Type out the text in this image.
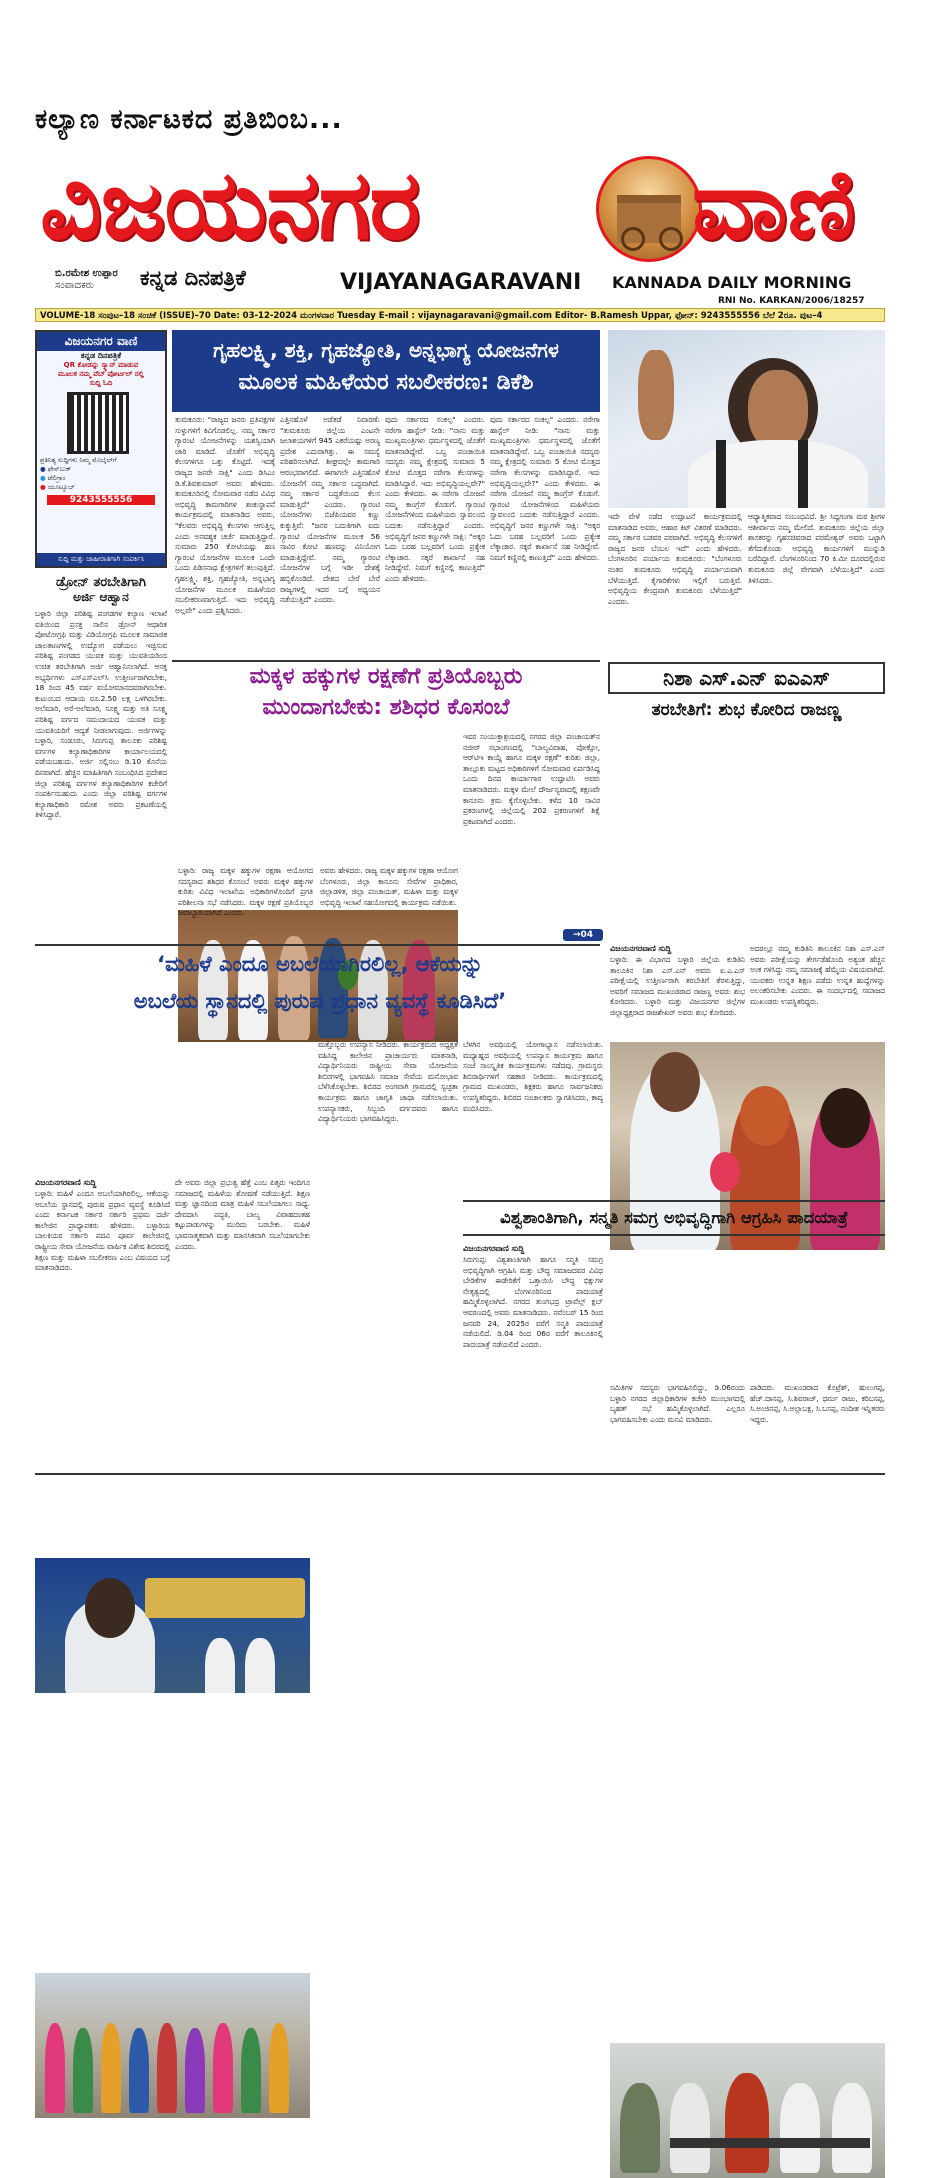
ಕಲ್ಯಾಣ ಕರ್ನಾಟಕದ ಪ್ರತಿಬಿಂಬ...
ವಿಜಯನಗರ	ವಾಣಿ
ಬಿ.ರಮೇಶ ಉಪ್ಪಾರ
ಸಂಪಾದಕರು	ಕನ್ನಡ ದಿನಪತ್ರಿಕೆ	VIJAYANAGARAVANI KANNADA DAILY MORNING
RNI No. KARKAN/2006/18257
VOLUME-18 ಸಂಪುಟ–18 ಸಂಚಿಕೆ (ISSUE)–70 Date: 03-12-2024 ಮಂಗಳವಾರ Tuesday E-mail : vijaynagaravani@gmail.com Editor- B.Ramesh Uppar, ಫೋನ್: 9243555556 ಬೆಲೆ 2ರೂ. ಪುಟ–4
ವಿಜಯನಗರ ವಾಣಿ
ಕನ್ನಡ ದಿನಪತ್ರಿಕೆ
QR ಕೋಡನ್ನು ಸ್ಕ್ಯಾನ್ ಮಾಡುವ
ಮೂಲಕ ನಮ್ಮ ವೆಬ್ ಪೋರ್ಟಲ್ ನಲ್ಲಿ
ಸುದ್ದಿ ಓದಿ
ಪ್ರತಿನಿತ್ಯ ಸುದ್ದಿಗಳು ನಿಮ್ಮ ಮೊಬೈಲ್‌ಗೆ
● ಫೇಸ್‌ಬುಕ್
● ಟೆಲಿಗ್ರಾಂ
● ಯೂಟ್ಯೂಬ್
9243555556
ಸುದ್ದಿ ಮತ್ತು ಜಾಹೀರಾತಿಗಾಗಿ ಸಂಪರ್ಕಿಸಿ
ಡ್ರೋನ್ ತರಬೇತಿಗಾಗಿ
ಅರ್ಜಿ ಆಹ್ವಾನ
ಬಳ್ಳಾರಿ ಜಿಲ್ಲಾ ಪರಿಶಿಷ್ಟ ಪಂಗಡಗಳ ಕಲ್ಯಾಣ ಇಲಾಖೆ ವತಿಯಿಂದ ಪ್ರಸಕ್ತ ಸಾಲಿನ ಡ್ರೋನ್ ಆಧಾರಿತ ಪೋಟೋಗ್ರಫಿ ಮತ್ತು ವಿಡಿಯೋಗ್ರಫಿ ಮೂಲಕ ಸಾಮಾಜಿಕ ಜಾಲತಾಣಗಳಲ್ಲಿ ಉದ್ಯೋಗ ಪಡೆಯಲು ಇಚ್ಛಿಸುವ ಪರಿಶಿಷ್ಟ ಪಂಗಡದ ಯುವಕ ಮತ್ತು ಯುವತಿಯರಿಂದ ಉಚಿತ ತರಬೇತಿಗಾಗಿ ಅರ್ಜಿ ಆಹ್ವಾನಿಸಲಾಗಿದೆ. ಆಸಕ್ತ ಅಭ್ಯರ್ಥಿಗಳು ಎಸ್‌ಎಸ್‌ಎಲ್‌ಸಿ ಉತ್ತೀರ್ಣರಾಗಿರಬೇಕು, 18 ರಿಂದ 45 ವರ್ಷ ವಯೋಮಾನದವರಾಗಿರಬೇಕು. ಕುಟುಂಬದ ಆದಾಯ ರೂ.2.50 ಲಕ್ಷ ಒಳಗಿರಬೇಕು. ಅಲೆಮಾರಿ, ಅರೆ-ಅಲೆಮಾರಿ, ಸೂಕ್ಷ್ಮ ಮತ್ತು ಅತಿ ಸೂಕ್ಷ್ಮ ಪರಿಶಿಷ್ಟ ವರ್ಗದ ಸಮುದಾಯದ ಯುವಕ ಮತ್ತು ಯುವತಿಯರಿಗೆ ಆದ್ಯತೆ ನೀಡಲಾಗುವುದು. ಅರ್ಜಿಗಳನ್ನು ಬಳ್ಳಾರಿ, ಸಂಡೂರು, ಸಿರುಗುಪ್ಪ ತಾಲೂಕು ಪರಿಶಿಷ್ಟ ವರ್ಗಗಳ ಕಲ್ಯಾಣಾಧಿಕಾರಿಗಳ ಕಾರ್ಯಾಲಯದಲ್ಲಿ ಪಡೆಯಬಹುದು. ಅರ್ಜಿ ಸಲ್ಲಿಸಲು ಡಿ.10 ಕೊನೆಯ ದಿನವಾಗಿದೆ. ಹೆಚ್ಚಿನ ಮಾಹಿತಿಗಾಗಿ ಸಂಬಂಧಿಸಿದ ಪ್ರದೇಶದ ಜಿಲ್ಲಾ ಪರಿಶಿಷ್ಟ ವರ್ಗಗಳ ಕಲ್ಯಾಣಾಧಿಕಾರಿಗಳ ಕಚೇರಿಗೆ ಸಂಪರ್ಕಿಸಬಹುದು ಎಂದು ಜಿಲ್ಲಾ ಪರಿಶಿಷ್ಟ ವರ್ಗಗಳ ಕಲ್ಯಾಣಾಧಿಕಾರಿ ರಮೇಶ ಅವರು ಪ್ರಕಟಣೆಯಲ್ಲಿ ತಿಳಿಸಿದ್ದಾರೆ.
ಗೃಹಲಕ್ಷ್ಮಿ, ಶಕ್ತಿ, ಗೃಹಜ್ಯೋತಿ, ಅನ್ನಭಾಗ್ಯ ಯೋಜನೆಗಳ
ಮೂಲಕ ಮಹಿಳೆಯರ ಸಬಲೀಕರಣ: ಡಿಕೆಶಿ
ತುಮಕೂರು: "ರಾಜ್ಯದ ಜನರು ಪ್ರತಿಪಕ್ಷಗಳ ಸುಳ್ಳುಗಳಿಗೆ ಕಿವಿಗೊಡಲಿಲ್ಲ. ನಮ್ಮ ಸರ್ಕಾರ ಗ್ಯಾರಂಟಿ ಯೋಜನೆಗಳನ್ನು ಯಶಸ್ವಿಯಾಗಿ ಜಾರಿ ಮಾಡಿದೆ. ಜೊತೆಗೆ ಅಭಿವೃದ್ಧಿ ಕೆಲಸಗಳಿಗೂ ಒತ್ತು ಕೊಟ್ಟಿದೆ. ಇದಕ್ಕೆ ರಾಜ್ಯದ ಜನರೇ ಸಾಕ್ಷಿ" ಎಂದು ಡಿಸಿಎಂ ಡಿ.ಕೆ.ಶಿವಕುಮಾರ್ ಅವರು ಹೇಳಿದರು. ತುಮಕೂರಿನಲ್ಲಿ ಸೋಮವಾರ ನಡೆದ ವಿವಿಧ ಅಭಿವೃದ್ಧಿ ಕಾಮಗಾರಿಗಳ ಶಂಕುಸ್ಥಾಪನೆ ಕಾರ್ಯಕ್ರಮದಲ್ಲಿ ಮಾತನಾಡಿದ ಅವರು, "ಕೆಲವರು ಅಭಿವೃದ್ಧಿ ಕೆಲಸಗಳು ಆಗುತ್ತಿಲ್ಲ ಎಂದು ಅನವಶ್ಯಕ ಚರ್ಚೆ ಮಾಡುತ್ತಿದ್ದಾರೆ. ಸುಮಾರು 250 ಕೋಟಿಯಷ್ಟು ಹಣ ಗ್ಯಾರಂಟಿ ಯೋಜನೆಗಳ ಮೂಲಕ ಒಂದೇ ಒಂದು ಪಿಡಿಸನಾಥ ಕ್ಷೇತ್ರಗಳಿಗೆ ತಲುಪುತ್ತಿದೆ. ಗೃಹಲಕ್ಷ್ಮಿ, ಶಕ್ತಿ, ಗೃಹಜ್ಯೋತಿ, ಅನ್ನಭಾಗ್ಯ ಯೋಜನೆಗಳ ಮೂಲಕ ಮಹಿಳೆಯರ ಸಬಲೀಕರಣವಾಗುತ್ತಿದೆ. ಇದು ಅಭಿವೃದ್ಧಿ ಅಲ್ಲವೇ" ಎಂದು ಪ್ರಶ್ನಿಸಿದರು.
ಎತ್ತಿನಹೊಳೆ ಅಡೆತಡೆ ನಿವಾರಣೆ: "ತುಮಕೂರು ಜಿಲ್ಲೆಯ ಎಂಟನೇ ಜಲಾಶಯಗಳಿಗೆ 945 ಎಕರೆಯಷ್ಟು ಅರಣ್ಯ ಪ್ರದೇಶ ಎದುರಾಗಿತ್ತು. ಈ ಸಮಸ್ಯೆ ಪರಿಹರಿಸಲಾಗಿದೆ. ಶೀಘ್ರದಲ್ಲೇ ಕಾಮಗಾರಿ ಆರಂಭವಾಗಲಿದೆ. ಈಗಾಗಲೇ ಎತ್ತಿನಹೊಳೆ ಯೋಜನೆಗೆ ನಮ್ಮ ಸರ್ಕಾರ ಬದ್ಧವಾಗಿದೆ. ನಮ್ಮ ಸರ್ಕಾರ ಬದ್ಧತೆಯಿಂದ ಕೆಲಸ ಮಾಡುತ್ತಿದೆ" ಎಂದರು. ಗ್ಯಾರಂಟಿ ಯೋಜನೆಗಳು ಬಿಜೆಪಿಯವರ ಕಣ್ಣು ಕುಕ್ಕುತ್ತಿವೆ: "ಜನರ ಬದುಕಿಗಾಗಿ ಐದು ಗ್ಯಾರಂಟಿ ಯೋಜನೆಗಳ ಮೂಲಕ 56 ಸಾವಿರ ಕೋಟಿ ಹಣವನ್ನು ವಿನಿಯೋಗ ಮಾಡುತ್ತಿದ್ದೇವೆ. ನಮ್ಮ ಗ್ಯಾರಂಟಿ ಯೋಜನೆಗಳ ಬಗ್ಗೆ ಇಡೀ ದೇಶಕ್ಕೆ ಹಬ್ಬಿಕೊಂಡಿದೆ. ದೇಶದ ಬೇರೆ ಬೇರೆ ರಾಜ್ಯಗಳಲ್ಲಿ ಇದರ ಬಗ್ಗೆ ಅಧ್ಯಯನ ನಡೆಯುತ್ತಿದೆ" ಎಂದರು.
ವುದು ಸರ್ಕಾರದ ಸಂಕಲ್ಪ" ಎಂದರು. ನರೇಗಾ ಹಾಸ್ಟೆಲ್ ನೀಡಿ: "ನಾನು ಮತ್ತು ಮುಖ್ಯಮಂತ್ರಿಗಳು ಧರ್ಮಸ್ಥಳದಲ್ಲಿ ಜೊತೆಗೆ ಮಾತನಾಡಿದ್ದೇವೆ. ಒಬ್ಬ ಪಂಚಾಯಿತಿ ಸದಸ್ಯರು ನಮ್ಮ ಕ್ಷೇತ್ರದಲ್ಲಿ ಸುಮಾರು 5 ಕೋಟಿ ಮೊತ್ತದ ನರೇಗಾ ಕೆಲಸಗಳನ್ನು ಮಾಡಿಸಿದ್ದಾರೆ. ಇದು ಅಭಿವೃದ್ಧಿಯಲ್ಲವೇ?" ಎಂದು ಕೇಳಿದರು. ಈ ನರೇಗಾ ಯೋಜನೆ ನಮ್ಮ ಕಾಂಗ್ರೆಸ್ ಕೊಡುಗೆ. ಗ್ಯಾರಂಟಿ ಯೋಜನೆಗಳಿಂದ ಮಹಿಳೆಯರು ಸ್ವಾವಲಂಬಿ ಬದುಕು ನಡೆಸುತ್ತಿದ್ದಾರೆ ಎಂದರು. ಅಭಿವೃದ್ಧಿಗೆ ಜನರ ಕಣ್ಣುಗಳೇ ಸಾಕ್ಷಿ: "ಅಕ್ಕರ ಓದು ಬರಹ ಬಲ್ಲವರಿಗೆ ಒಂದು ಪ್ರತ್ಯೇಕ ಲೆಕ್ಕಾಚಾರ. ಸಕ್ಕರೆ ಕಾರ್ಖಾನೆ ಸಹ ನೀಡಿದ್ದೇವೆ. ನಿಮಗೆ ಕಣ್ಣಿನಲ್ಲಿ ಕಾಣುತ್ತಿದೆ" ಎಂದು ಹೇಳಿದರು.
ವುದು ಸರ್ಕಾರದ ಸಂಕಲ್ಪ" ಎಂದರು. ನರೇಗಾ ಹಾಸ್ಟೆಲ್ ನೀಡಿ: "ನಾನು ಮತ್ತು ಮುಖ್ಯಮಂತ್ರಿಗಳು ಧರ್ಮಸ್ಥಳದಲ್ಲಿ ಜೊತೆಗೆ ಮಾತನಾಡಿದ್ದೇವೆ. ಒಬ್ಬ ಪಂಚಾಯಿತಿ ಸದಸ್ಯರು ನಮ್ಮ ಕ್ಷೇತ್ರದಲ್ಲಿ ಸುಮಾರು 5 ಕೋಟಿ ಮೊತ್ತದ ನರೇಗಾ ಕೆಲಸಗಳನ್ನು ಮಾಡಿಸಿದ್ದಾರೆ. ಇದು ಅಭಿವೃದ್ಧಿಯಲ್ಲವೇ?" ಎಂದು ಕೇಳಿದರು. ಈ ನರೇಗಾ ಯೋಜನೆ ನಮ್ಮ ಕಾಂಗ್ರೆಸ್ ಕೊಡುಗೆ. ಗ್ಯಾರಂಟಿ ಯೋಜನೆಗಳಿಂದ ಮಹಿಳೆಯರು ಸ್ವಾವಲಂಬಿ ಬದುಕು ನಡೆಸುತ್ತಿದ್ದಾರೆ ಎಂದರು. ಅಭಿವೃದ್ಧಿಗೆ ಜನರ ಕಣ್ಣುಗಳೇ ಸಾಕ್ಷಿ: "ಅಕ್ಕರ ಓದು ಬರಹ ಬಲ್ಲವರಿಗೆ ಒಂದು ಪ್ರತ್ಯೇಕ ಲೆಕ್ಕಾಚಾರ. ಸಕ್ಕರೆ ಕಾರ್ಖಾನೆ ಸಹ ನೀಡಿದ್ದೇವೆ. ನಿಮಗೆ ಕಣ್ಣಿನಲ್ಲಿ ಕಾಣುತ್ತಿದೆ" ಎಂದು ಹೇಳಿದರು.
ಇದೇ ವೇಳೆ ನಡೆದ ಉದ್ಘಾಟನೆ ಕಾರ್ಯಕ್ರಮದಲ್ಲಿ ಮಾತನಾಡಿದ ಅವರು, ಆಹಾರ ಕಿಟ್ ವಿತರಣೆ ಮಾಡಿದರು. ನಮ್ಮ ಸರ್ಕಾರ ಬಡವರ ಪರವಾಗಿದೆ. ಅಭಿವೃದ್ಧಿ ಕೆಲಸಗಳಿಗೆ ರಾಜ್ಯದ ಜನರ ಬೆಂಬಲ ಇದೆ" ಎಂದು ಹೇಳಿದರು. ಬೆಂಗಳೂರಿನ ಪರ್ಯಾಯ ತುಮಕೂರು: "ಬೆಂಗಳೂರು ನಂತರ ತುಮಕೂರು ಅಭಿವೃದ್ಧಿ ಪರ್ಯಾಯವಾಗಿ ಬೆಳೆಯುತ್ತಿದೆ. ಕೈಗಾರಿಕೆಗಳು ಇಲ್ಲಿಗೆ ಬರುತ್ತಿವೆ. ಅಭಿವೃದ್ಧಿಯ ಕೇಂದ್ರವಾಗಿ ತುಮಕೂರು ಬೆಳೆಯುತ್ತಿದೆ" ಎಂದರು.
ಆಧ್ಯಾತ್ಮಿಕವಾದ ಸಂಬಂಧವಿದೆ. ಶ್ರೀ ಸಿದ್ದಗಂಗಾ ಮಠ ಶ್ರೀಗಳ ಆಶೀರ್ವಾದ ನಮ್ಮ ಮೇಲಿದೆ. ತುಮಕೂರು ಜಿಲ್ಲೆಯ ಜಿಲ್ಲಾ ಶಾಸಕರನ್ನು ಗೃಹಸಚಿವರಾದ ಪರಮೇಶ್ವರ್ ಅವರು ಒಟ್ಟಾಗಿ ತೆಗೆದುಕೊಂಡು ಅಭಿವೃದ್ಧಿ ಕಾರ್ಯಗಳಿಗೆ ಮುನ್ನುಡಿ ಬರೆದಿದ್ದಾರೆ. ಬೆಂಗಳೂರಿನಿಂದ 70 ಕಿ.ಮೀ ದೂರದಲ್ಲಿರುವ ತುಮಕೂರು ಜಿಲ್ಲೆ ವೇಗವಾಗಿ ಬೆಳೆಯುತ್ತಿದೆ" ಎಂದು ತಿಳಿಸಿದರು.
ಮಕ್ಕಳ ಹಕ್ಕುಗಳ ರಕ್ಷಣೆಗೆ ಪ್ರತಿಯೊಬ್ಬರು
ಮುಂದಾಗಬೇಕು: ಶಶಿಧರ ಕೊಸಂಬೆ
ಬಳ್ಳಾರಿ: ರಾಜ್ಯ ಮಕ್ಕಳ ಹಕ್ಕುಗಳ ರಕ್ಷಣಾ ಆಯೋಗದ ಸದಸ್ಯರಾದ ಶಶಿಧರ ಕೊಸಂಬೆ ಅವರು ಮಕ್ಕಳ ಹಕ್ಕುಗಳ ಕುರಿತು ವಿವಿಧ ಇಲಾಖೆಯ ಅಧಿಕಾರಿಗಳೊಂದಿಗೆ ಪ್ರಗತಿ ಪರಿಶೀಲನಾ ಸಭೆ ನಡೆಸಿದರು. ಮಕ್ಕಳ ರಕ್ಷಣೆ ಪ್ರತಿಯೊಬ್ಬರ ಜವಾಬ್ದಾರಿಯಾಗಿದೆ ಎಂದರು.
ಅವರು ಹೇಳಿದರು. ರಾಜ್ಯ ಮಕ್ಕಳ ಹಕ್ಕುಗಳ ರಕ್ಷಣಾ ಆಯೋಗ ಬೆಂಗಳೂರು, ಜಿಲ್ಲಾ ಕಾನೂನು ಸೇವೆಗಳ ಪ್ರಾಧಿಕಾರ, ಜಿಲ್ಲಾಡಳಿತ, ಜಿಲ್ಲಾ ಪಂಚಾಯತ್, ಮಹಿಳಾ ಮತ್ತು ಮಕ್ಕಳ ಅಭಿವೃದ್ಧಿ ಇಲಾಖೆ ಸಹಯೋಗದಲ್ಲಿ ಕಾರ್ಯಕ್ರಮ ನಡೆಯಿತು.
ಇವರ ಸಂಯುಕ್ತಾಶ್ರಯದಲ್ಲಿ ನಗರದ ಜಿಲ್ಲಾ ಪಂಚಾಯತ್‌ನ ನಜೀರ್ ಸಭಾಂಗಣದಲ್ಲಿ "ಬಾಲ್ಯವಿವಾಹ, ಪೋಕ್ಸೋ, ಆರ್‌ಟಿಇ ಕಾಯ್ದೆ ಹಾಗೂ ಮಕ್ಕಳ ರಕ್ಷಣೆ" ಕುರಿತು ಜಿಲ್ಲಾ, ತಾಲ್ಲೂಕು ಮಟ್ಟದ ಅಧಿಕಾರಿಗಳಿಗೆ ಸೋಮವಾರ ಏರ್ಪಡಿಸಿದ್ದ ಒಂದು ದಿನದ ಕಾರ್ಯಾಗಾರ ಉದ್ಘಾಟಿಸಿ ಅವರು ಮಾತನಾಡಿದರು. ಮಕ್ಕಳ ಮೇಲೆ ದೌರ್ಜನ್ಯವಾದಲ್ಲಿ ತಕ್ಷಣವೇ ಕಾನೂನು ಕ್ರಮ ಕೈಗೊಳ್ಳಬೇಕು. ಕಳೆದ 10 ಸಾವಿರ ಪ್ರಕರಣಗಳಲ್ಲಿ ಜಿಲ್ಲೆಯಲ್ಲಿ 202 ಪ್ರಕರಣಗಳಿಗೆ ಶಿಕ್ಷೆ ಪ್ರಕಟವಾಗಿದೆ ಎಂದರು.
→04
ನಿಶಾ ಎಸ್.ಎನ್ ಐಎಎಸ್
ತರಬೇತಿಗೆ: ಶುಭ ಕೋರಿದ ರಾಜಣ್ಣ
ವಿಜಯನಗರವಾಣಿ ಸುದ್ದಿ
ಬಳ್ಳಾರಿ: ಈ ವಿಭಾಗದ ಬಳ್ಳಾರಿ ಜಿಲ್ಲೆಯ ಕುಡಿತಿನಿ ತಾಲೂಕಿನ ನಿಶಾ ಎಸ್.ಎನ್ ಅವರು ಐ.ಎ.ಎಸ್ ಪರೀಕ್ಷೆಯಲ್ಲಿ ಉತ್ತೀರ್ಣರಾಗಿ ತರಬೇತಿಗೆ ತೆರಳುತ್ತಿದ್ದು, ಅವರಿಗೆ ಸಮಾಜದ ಮುಖಂಡರಾದ ರಾಜಣ್ಣ ಅವರು ಶುಭ ಕೋರಿದರು. ಬಳ್ಳಾರಿ ಮತ್ತು ವಿಜಯನಗರ ಜಿಲ್ಲೆಗಳ ಜಿಲ್ಲಾಧ್ಯಕ್ಷರಾದ ರಾಜಶೇಖರ್ ಅವರು ಶುಭ ಕೋರಿದರು.
ಅದರಲ್ಲೂ ನಮ್ಮ ಕುಡಿತಿನಿ ತಾಲೂಕಿನ ನಿಶಾ ಎಸ್.ಎನ್ ಅವರು ಪರೀಕ್ಷೆಯನ್ನು ತೇರ್ಗಡೆಹೊಂದಿ ಅತ್ಯಂತ ಹೆಚ್ಚಿನ ಅಂಕ ಗಳಿಸಿದ್ದು ನಮ್ಮ ಸಮಾಜಕ್ಕೆ ಹೆಮ್ಮೆಯ ವಿಷಯವಾಗಿದೆ. ಯುವಕರು ಉನ್ನತ ಶಿಕ್ಷಣ ಪಡೆದು ಉನ್ನತ ಹುದ್ದೆಗಳನ್ನು ಅಲಂಕರಿಸಬೇಕು ಎಂದರು. ಈ ಸಂದರ್ಭದಲ್ಲಿ ಸಮಾಜದ ಮುಖಂಡರು ಉಪಸ್ಥಿತರಿದ್ದರು.
‘ಮಹಿಳೆ ಎಂದೂ ಅಬಲೆಯಾಗಿರಲಿಲ್ಲ, ಆಕೆಯನ್ನು
ಅಬಲೆಯ ಸ್ಥಾನದಲ್ಲಿ ಪುರುಷ ಪ್ರಧಾನ ವ್ಯವಸ್ಥೆ ಕೂಡಿಸಿದೆ’
ವಿಜಯನಗರವಾಣಿ ಸುದ್ದಿ
ಬಳ್ಳಾರಿ: ಮಹಿಳೆ ಎಂದೂ ಅಬಲೆಯಾಗಿರಲಿಲ್ಲ, ಆಕೆಯನ್ನು ಅಬಲೆಯ ಸ್ಥಾನದಲ್ಲಿ ಪುರುಷ ಪ್ರಧಾನ ವ್ಯವಸ್ಥೆ ಕೂಡಿಸಿದೆ ಎಂದು ಕರ್ನಾಟಕ ಸರ್ಕಾರ ಸರ್ಕಾರಿ ಪ್ರಥಮ ದರ್ಜೆ ಕಾಲೇಜಿನ ಪ್ರಾಧ್ಯಾಪಕರು ಹೇಳಿದರು. ಬಳ್ಳಾರಿಯ ಬಾಲಕಿಯರ ಸರ್ಕಾರಿ ಪದವಿ ಪೂರ್ವ ಕಾಲೇಜಿನಲ್ಲಿ ರಾಷ್ಟ್ರೀಯ ಸೇವಾ ಯೋಜನೆಯ ವಾರ್ಷಿಕ ವಿಶೇಷ ಶಿಬಿರದಲ್ಲಿ ಶಿಕ್ಷಣ ಮತ್ತು ಮಹಿಳಾ ಸಬಲೀಕರಣ ಎಂಬ ವಿಷಯದ ಬಗ್ಗೆ ಮಾತನಾಡಿದರು.
ದೇ ಅವರು ಜಿಲ್ಲಾ ಪ್ರಭುತ್ವ ಹೆತ್ತೆ ಎಂಬ ಪಿತೃರು ಇಂದಿಗೂ ಸಮಾಜದಲ್ಲಿ ಮಹಿಳೆಯ ಶೋಷಣೆ ನಡೆಯುತ್ತಿದೆ. ಶಿಕ್ಷಣ ಮತ್ತು ಜ್ಞಾನದಿಂದ ಮಾತ್ರ ಮಹಿಳೆ ಸಬಲೆಯಾಗಲು ಸಾಧ್ಯ. ದೇವದಾಸಿ ಪದ್ಧತಿ, ಬಾಲ್ಯ ವಿವಾಹದಂತಹ ಕಟ್ಟುಪಾಡುಗಳನ್ನು ಮುರಿದು ಬರಬೇಕು. ಮಹಿಳೆ ಭಾವನಾತ್ಮಕವಾಗಿ ಮತ್ತು ಮಾನಸಿಕವಾಗಿ ಸಬಲೆಯಾಗಬೇಕು ಎಂದರು.
ಮತ್ತೊಬ್ಬರು ಉಪನ್ಯಾಸ ನೀಡಿದರು. ಕಾರ್ಯಕ್ರಮದ ಅಧ್ಯಕ್ಷತೆ ವಹಿಸಿದ್ದ ಕಾಲೇಜಿನ ಪ್ರಾಚಾರ್ಯರು ಮಾತನಾಡಿ, ವಿದ್ಯಾರ್ಥಿನಿಯರು ರಾಷ್ಟ್ರೀಯ ಸೇವಾ ಯೋಜನೆಯ ಶಿಬಿರಗಳಲ್ಲಿ ಭಾಗವಹಿಸಿ ಸಮಾಜ ಸೇವೆಯ ಮನೋಭಾವ ಬೆಳೆಸಿಕೊಳ್ಳಬೇಕು. ಶಿಬಿರದ ಅಂಗವಾಗಿ ಗ್ರಾಮದಲ್ಲಿ ಸ್ವಚ್ಛತಾ ಕಾರ್ಯಕ್ರಮ ಹಾಗೂ ಜಾಗೃತಿ ಜಾಥಾ ನಡೆಸಲಾಯಿತು. ಉಪನ್ಯಾಸಕರು, ಸಿಬ್ಬಂದಿ ವರ್ಗದವರು ಹಾಗೂ ವಿದ್ಯಾರ್ಥಿನಿಯರು ಭಾಗವಹಿಸಿದ್ದರು.
ಬೆಳಗಿನ ಅವಧಿಯಲ್ಲಿ ಯೋಗಾಭ್ಯಾಸ ನಡೆಸಲಾಯಿತು. ಮಧ್ಯಾಹ್ನದ ಅವಧಿಯಲ್ಲಿ ಉಪನ್ಯಾಸ ಕಾರ್ಯಕ್ರಮ ಹಾಗೂ ಸಂಜೆ ಸಾಂಸ್ಕೃತಿಕ ಕಾರ್ಯಕ್ರಮಗಳು ನಡೆದವು. ಗ್ರಾಮಸ್ಥರು ಶಿಬಿರಾರ್ಥಿಗಳಿಗೆ ಸಹಕಾರ ನೀಡಿದರು. ಕಾರ್ಯಕ್ರಮದಲ್ಲಿ ಗ್ರಾಮದ ಮುಖಂಡರು, ಶಿಕ್ಷಕರು ಹಾಗೂ ಸಾರ್ವಜನಿಕರು ಉಪಸ್ಥಿತರಿದ್ದರು. ಶಿಬಿರದ ಸಂಚಾಲಕರು ಸ್ವಾಗತಿಸಿದರು, ಕಾವ್ಯ ವಂದಿಸಿದರು.
ವಿಶ್ವಶಾಂತಿಗಾಗಿ, ಸನ್ಮತಿ ಸಮಗ್ರ ಅಭಿವೃದ್ಧಿಗಾಗಿ ಆಗ್ರಹಿಸಿ ಪಾದಯಾತ್ರೆ
ವಿಜಯನಗರವಾಣಿ ಸುದ್ದಿ
ಸಿರುಗುಪ್ಪ: ವಿಶ್ವಶಾಂತಿಗಾಗಿ ಹಾಗೂ ಸನ್ಮತಿ ಸಮಗ್ರ ಅಭಿವೃದ್ಧಿಗಾಗಿ ಆಗ್ರಹಿಸಿ ಮತ್ತು ಬೌದ್ಧ ಸಮಾಜದವರ ವಿವಿಧ ಬೇಡಿಕೆಗಳ ಈಡೇರಿಕೆಗೆ ಒತ್ತಾಯಿಸಿ ಬೌದ್ಧ ಭಿಕ್ಷುಗಳ ನೇತೃತ್ವದಲ್ಲಿ ಬೆಂಗಳೂರಿನಿಂದ ಪಾದಯಾತ್ರೆ ಹಮ್ಮಿಕೊಳ್ಳಲಾಗಿದೆ. ನಗರದ ತುಂಗಭದ್ರ ಟ್ರಾವೆಲ್ಸ್ ಕ್ಲಬ್ ಆವರಣದಲ್ಲಿ ಅವರು ಮಾತನಾಡಿದರು. ನವೆಂಬರ್ 15 ರಿಂದ ಜನವರಿ 24, 2025ರ ವರೆಗೆ ಸನ್ಮತಿ ಪಾದಯಾತ್ರೆ ನಡೆಯಲಿದೆ. ಡಿ.04 ರಿಂದ 06ರ ವರೆಗೆ ತಾಲೂಕಿನಲ್ಲಿ ಪಾದಯಾತ್ರೆ ನಡೆಯಲಿದೆ ಎಂದರು.
ಸಮಿತಿಗಳ ಸದಸ್ಯರು ಭಾಗವಹಿಸಲಿದ್ದು, ಡಿ.06ರಂದು ಬಳ್ಳಾರಿ ನಗರದ ಜಿಲ್ಲಾಧಿಕಾರಿಗಳ ಕಚೇರಿ ಮುಂಭಾಗದಲ್ಲಿ ಬೃಹತ್ ಸಭೆ ಹಮ್ಮಿಕೊಳ್ಳಲಾಗಿದೆ. ಎಲ್ಲರೂ ಭಾಗವಹಿಸಬೇಕು ಎಂದು ಮನವಿ ಮಾಡಿದರು.
ಪಾಡಿದರು. ಮುಖಂಡರಾದ ಕೊಟ್ರೆಶ್, ಹುಲುಗಪ್ಪ, ಹೆಚ್.ದಾನಪ್ಪ, ಸಿ.ಶಿವರಾಜ್, ಧರ್ಮ ರಾಜು, ಕರಿಬಸಪ್ಪ, ಸಿ.ಅಂಜಿನಪ್ಪ, ಸಿ.ಅಲ್ಲಾಬಕ್ಷ, ಸಿ.ಬಸಪ್ಪ, ನಂದೀಶ ಇನ್ನಿತರರು ಇದ್ದರು.
